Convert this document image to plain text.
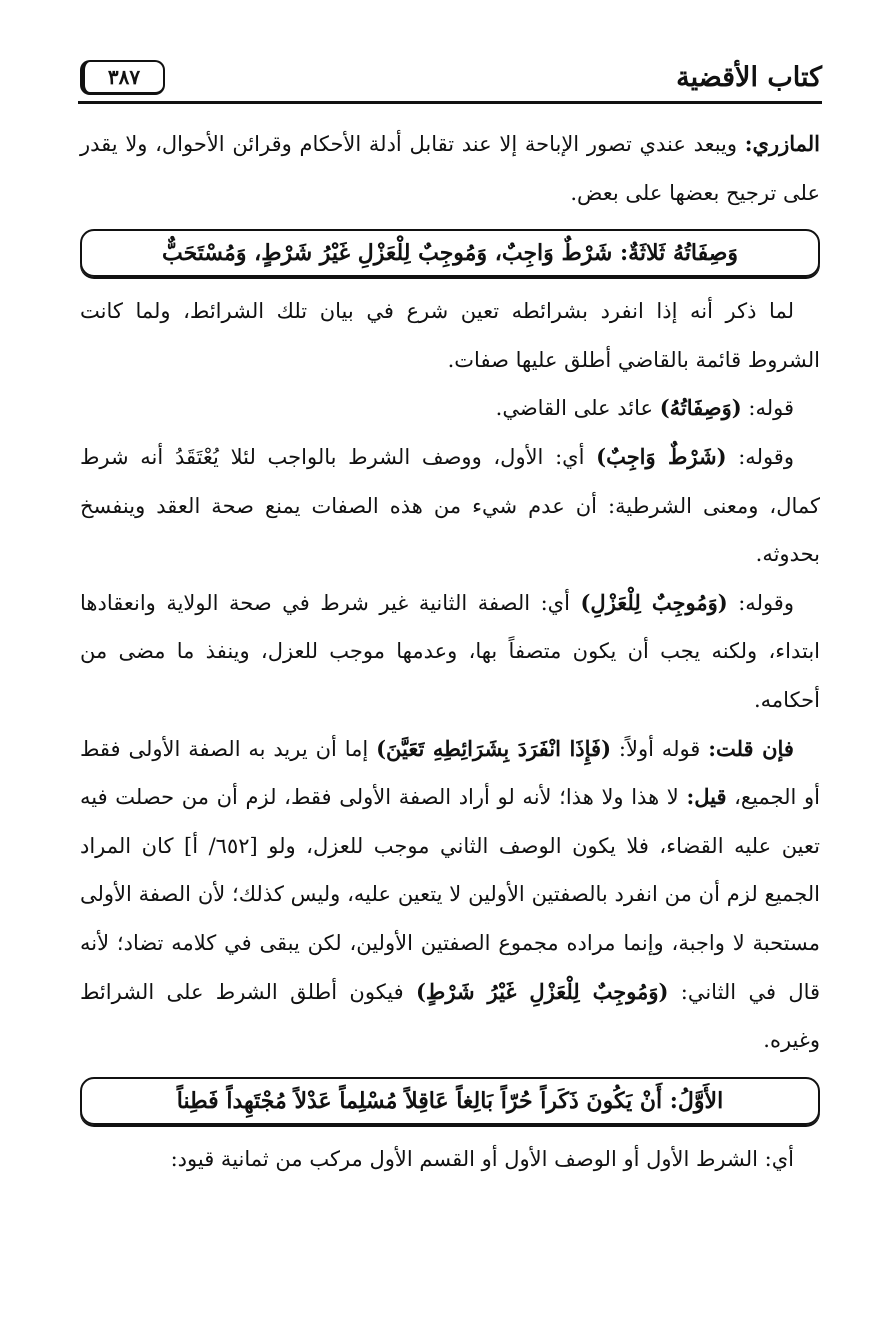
كتاب الأقضية
٣٨٧

المازري: ويبعد عندي تصور الإباحة إلا عند تقابل أدلة الأحكام وقرائن الأحوال، ولا يقدر على ترجيح بعضها على بعض.

وَصِفَاتُهُ ثَلاثَةٌ: شَرْطٌ وَاجِبٌ، وَمُوجِبٌ لِلْعَزْلِ غَيْرُ شَرْطٍ، وَمُسْتَحَبٌّ

لما ذكر أنه إذا انفرد بشرائطه تعين شرع في بيان تلك الشرائط، ولما كانت الشروط قائمة بالقاضي أطلق عليها صفات.

قوله: (وَصِفَاتُهُ) عائد على القاضي.

وقوله: (شَرْطٌ وَاجِبٌ) أي: الأول، ووصف الشرط بالواجب لئلا يُعْتَقَدُ أنه شرط كمال، ومعنى الشرطية: أن عدم شيء من هذه الصفات يمنع صحة العقد وينفسخ بحدوثه.

وقوله: (وَمُوجِبٌ لِلْعَزْلِ) أي: الصفة الثانية غير شرط في صحة الولاية وانعقادها ابتداء، ولكنه يجب أن يكون متصفاً بها، وعدمها موجب للعزل، وينفذ ما مضى من أحكامه.

فإن قلت: قوله أولاً: (فَإِذَا انْفَرَدَ بِشَرَائِطِهِ تَعَيَّنَ) إما أن يريد به الصفة الأولى فقط أو الجميع، قيل: لا هذا ولا هذا؛ لأنه لو أراد الصفة الأولى فقط، لزم أن من حصلت فيه تعين عليه القضاء، فلا يكون الوصف الثاني موجب للعزل، ولو [٦٥٢/ أ] كان المراد الجميع لزم أن من انفرد بالصفتين الأولين لا يتعين عليه، وليس كذلك؛ لأن الصفة الأولى مستحبة لا واجبة، وإنما مراده مجموع الصفتين الأولين، لكن يبقى في كلامه تضاد؛ لأنه قال في الثاني: (وَمُوجِبٌ لِلْعَزْلِ غَيْرُ شَرْطٍ) فيكون أطلق الشرط على الشرائط وغيره.

الأَوَّلُ: أَنْ يَكُونَ ذَكَراً حُرّاً بَالِغاً عَاقِلاً مُسْلِماً عَدْلاً مُجْتَهِداً فَطِناً

أي: الشرط الأول أو الوصف الأول أو القسم الأول مركب من ثمانية قيود:
